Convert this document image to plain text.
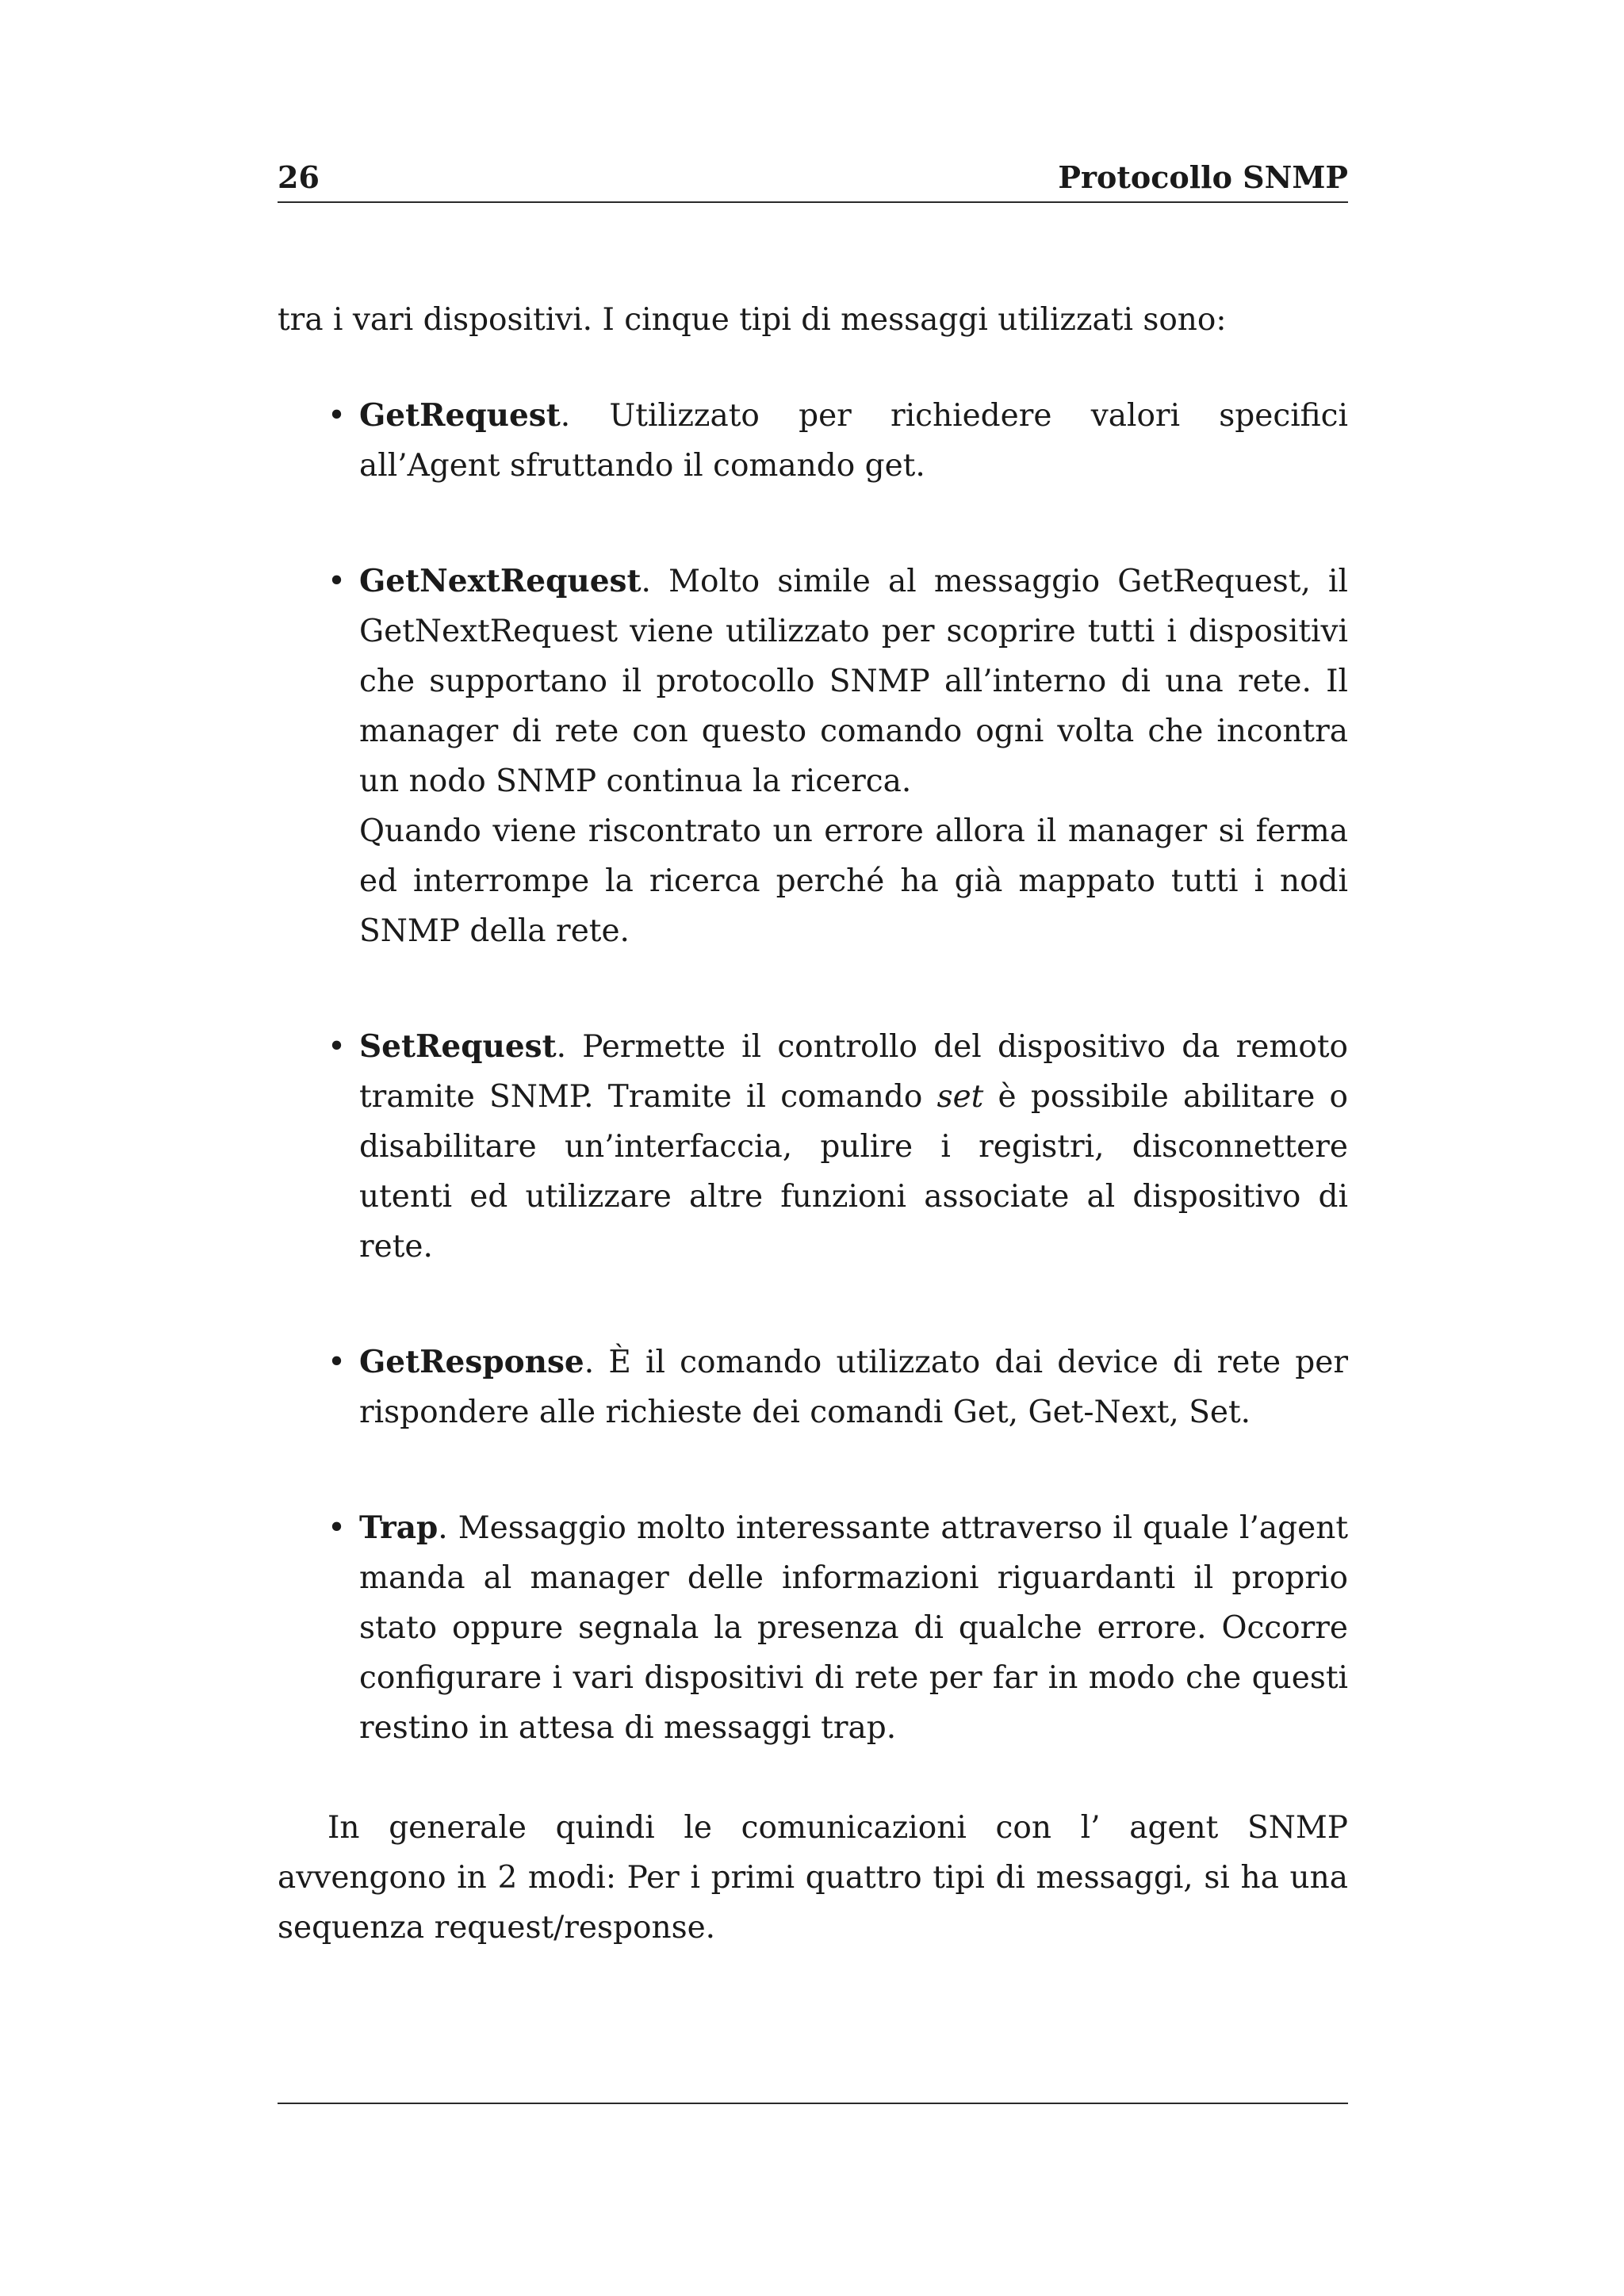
26	Protocollo SNMP

tra i vari dispositivi. I cinque tipi di messaggi utilizzati sono:

• GetRequest. Utilizzato per richiedere valori specifici all’Agent sfruttando il comando get.
• GetNextRequest. Molto simile al messaggio GetRequest, il GetNextRequest viene utilizzato per scoprire tutti i dispositivi che supportano il protocollo SNMP all’interno di una rete. Il manager di rete con questo comando ogni volta che incontra un nodo SNMP continua la ricerca.
Quando viene riscontrato un errore allora il manager si ferma ed interrompe la ricerca perché ha già mappato tutti i nodi SNMP della rete.
• SetRequest. Permette il controllo del dispositivo da remoto tramite SNMP. Tramite il comando set è possibile abilitare o disabilitare un’interfaccia, pulire i registri, disconnettere utenti ed utilizzare altre funzioni associate al dispositivo di rete.
• GetResponse. È il comando utilizzato dai device di rete per rispondere alle richieste dei comandi Get, Get-Next, Set.
• Trap. Messaggio molto interessante attraverso il quale l’agent manda al manager delle informazioni riguardanti il proprio stato oppure segnala la presenza di qualche errore. Occorre configurare i vari dispositivi di rete per far in modo che questi restino in attesa di messaggi trap.

In generale quindi le comunicazioni con l’ agent SNMP avvengono in 2 modi: Per i primi quattro tipi di messaggi, si ha una sequenza request/response.
